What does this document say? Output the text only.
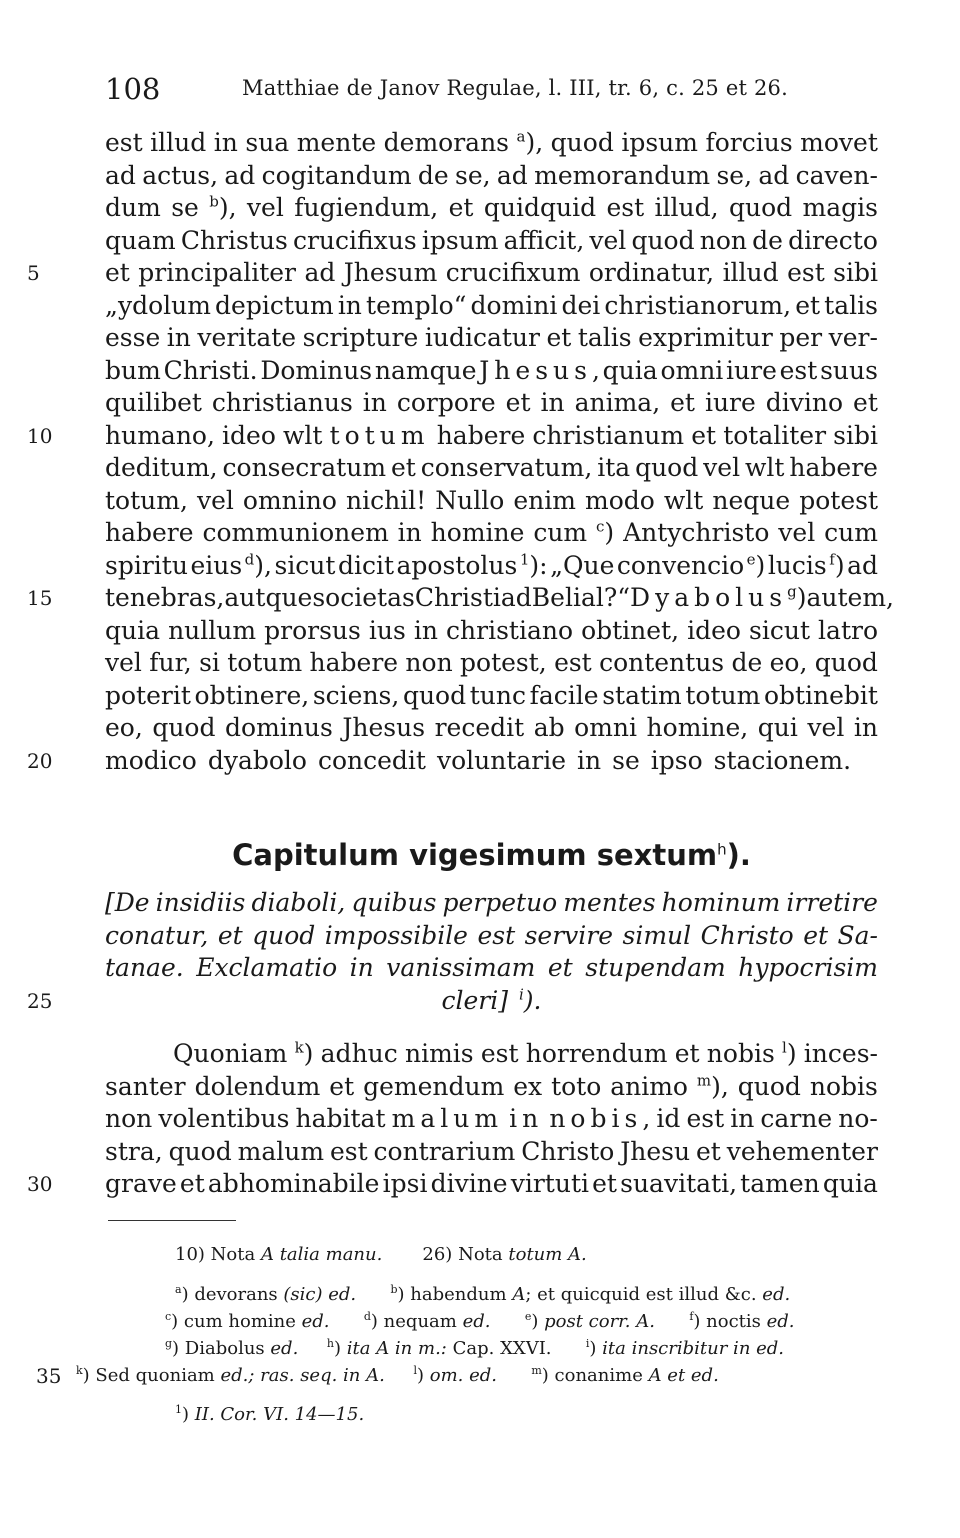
108	Matthiae de Janov Regulae, l. III, tr. 6, c. 25 et 26.
est illud in sua mente demorans $^a$), quod ipsum forcius movet
ad actus, ad cogitandum de se, ad memorandum se, ad caven-
dum se $^b$), vel fugiendum, et quidquid est illud, quod magis
quam Christus crucifixus ipsum afficit, vel quod non de directo
et principaliter ad Jhesum crucifixum ordinatur, illud est sibi
„ydolum depictum in templo“ domini dei christianorum, et talis
esse in veritate scripture iudicatur et talis exprimitur per ver-
bum Christi. Dominus namque Jhesus, quia omni iure est suus
quilibet christianus in corpore et in anima, et iure divino et
humano, ideo wlt totum habere christianum et totaliter sibi
deditum, consecratum et conservatum, ita quod vel wlt habere
totum, vel omnino nichil! Nullo enim modo wlt neque potest
habere communionem in homine cum $^c$) Antychristo vel cum
spiritu eius $^d$), sicut dicit apostolus $^1$): „Que convencio $^e$) lucis $^f$) ad
tenebras, aut que societas Christi ad Belial?“ Dyabolus $^g$) autem,
quia nullum prorsus ius in christiano obtinet, ideo sicut latro
vel fur, si totum habere non potest, est contentus de eo, quod
poterit obtinere, sciens, quod tunc facile statim totum obtinebit
eo, quod dominus Jhesus recedit ab omni homine, qui vel in
modico dyabolo concedit voluntarie in se ipso stacionem.
5
10
15
20
Capitulum vigesimum sextum$^h$).
[De insidiis diaboli, quibus perpetuo mentes hominum irretire
conatur, et quod impossibile est servire simul Christo et Sa-
tanae. Exclamatio in vanissimam et stupendam hypocrisim
cleri] $^i$).
25
Quoniam $^k$) adhuc nimis est horrendum et nobis $^l$) inces-
santer dolendum et gemendum ex toto animo $^m$), quod nobis
non volentibus habitat malum in nobis, id est in carne no-
stra, quod malum est contrarium Christo Jhesu et vehementer
grave et abhominabile ipsi divine virtuti et suavitati, tamen quia
30
10) Nota A talia manu. 26) Nota totum A.
$^a$) devorans (sic) ed.	$^b$) habendum A; et quicquid est illud &c. ed.
$^c$) cum homine ed.	$^d$) nequam ed.	$^e$) post corr. A.	$^f$) noctis ed.
$^g$) Diabolus ed.	$^h$) ita A in m.: Cap. XXVI.	$^i$) ita inscribitur in ed.
35 $^k$) Sed quoniam ed.; ras. seq. in A.	$^l$) om. ed.	$^m$) conanime A et ed.
$^1$) II. Cor. VI. 14—15.
